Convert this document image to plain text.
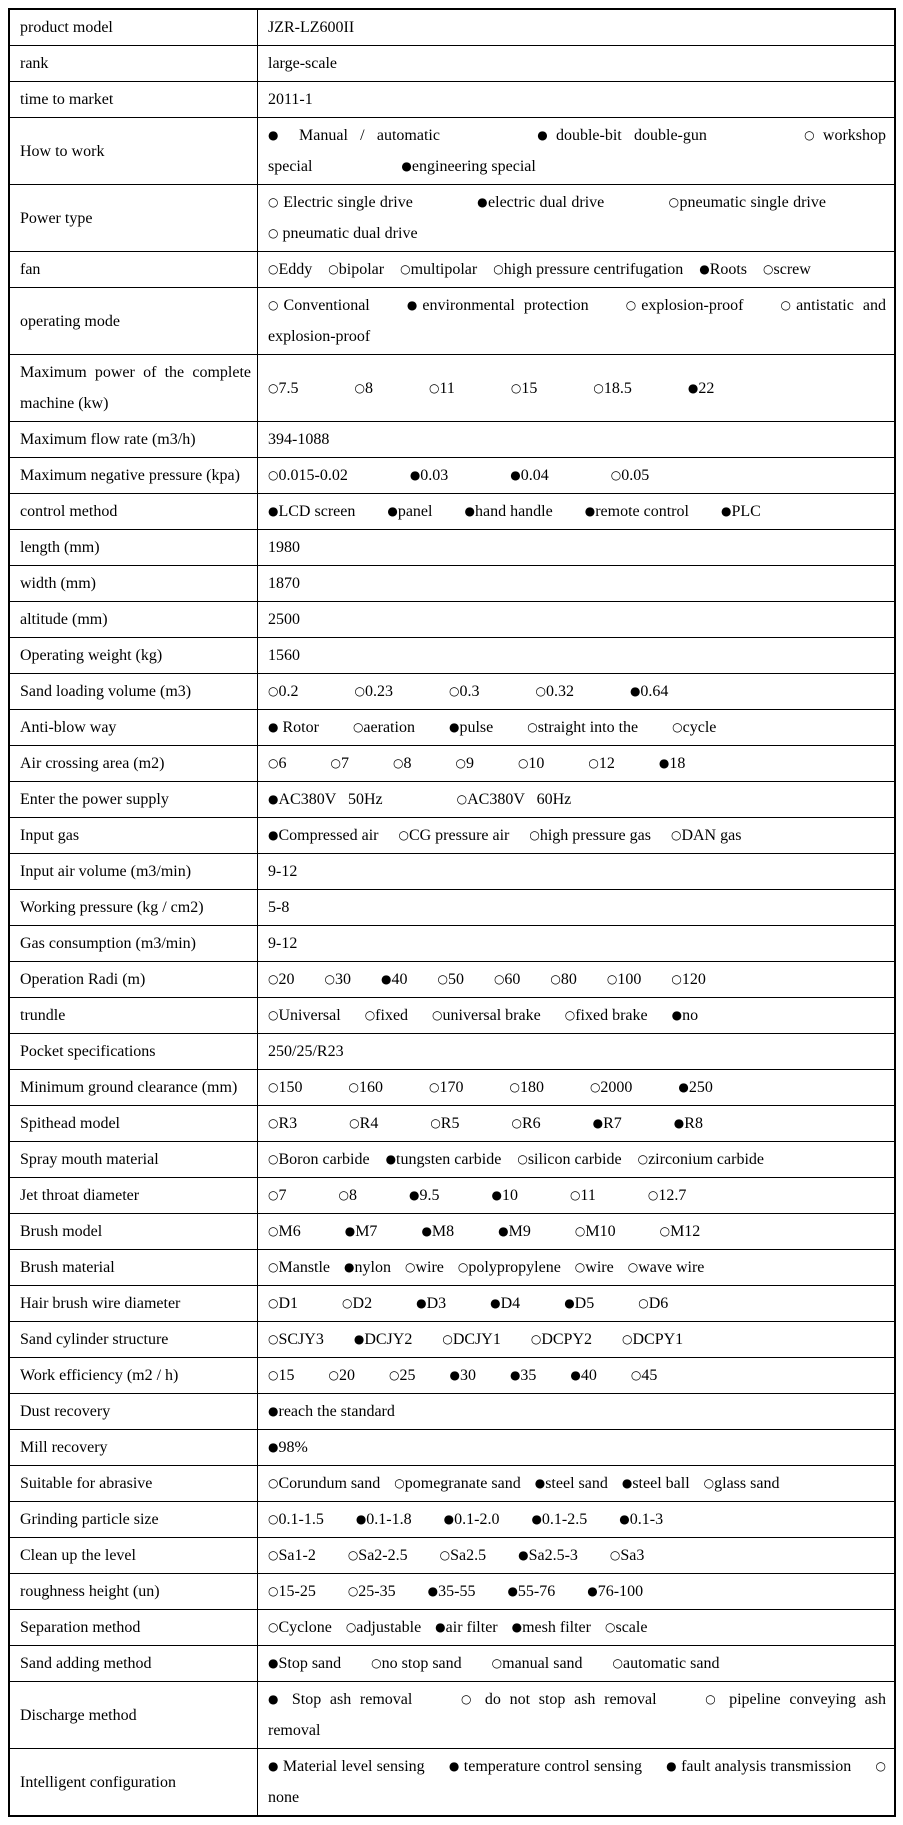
product model	JZR-LZ600II
rank	large-scale
time to market	2011-1
How to work	● Manual / automatic ●double-bit double-gun ○workshop special ●engineering special
Power type	○ Electric single drive ●electric dual drive ○pneumatic single drive ○ pneumatic dual drive
fan	○Eddy ○bipolar ○multipolar ○high pressure centrifugation ●Roots ○screw
operating mode	○Conventional ●environmental protection ○explosion-proof ○antistatic and explosion-proof
Maximum power of the complete machine (kw)	○7.5 ○8 ○11 ○15 ○18.5 ●22
Maximum flow rate (m3/h)	394-1088
Maximum negative pressure (kpa)	○0.015-0.02 ●0.03 ●0.04 ○0.05
control method	●LCD screen ●panel ●hand handle ●remote control ●PLC
length (mm)	1980
width (mm)	1870
altitude (mm)	2500
Operating weight (kg)	1560
Sand loading volume (m3)	○0.2 ○0.23 ○0.3 ○0.32 ●0.64
Anti-blow way	● Rotor ○aeration ●pulse ○straight into the ○cycle
Air crossing area (m2)	○6 ○7 ○8 ○9 ○10 ○12 ●18
Enter the power supply	●AC380V   50Hz ○AC380V   60Hz
Input gas	●Compressed air ○CG pressure air ○high pressure gas ○DAN gas
Input air volume (m3/min)	9-12
Working pressure (kg / cm2)	5-8
Gas consumption (m3/min)	9-12
Operation Radi (m)	○20 ○30 ●40 ○50 ○60 ○80 ○100 ○120
trundle	○Universal ○fixed ○universal brake ○fixed brake ●no
Pocket specifications	250/25/R23
Minimum ground clearance (mm)	○150 ○160 ○170 ○180 ○2000 ●250
Spithead model	○R3 ○R4 ○R5 ○R6 ●R7 ●R8
Spray mouth material	○Boron carbide ●tungsten carbide ○silicon carbide ○zirconium carbide
Jet throat diameter	○7 ○8 ●9.5 ●10 ○11 ○12.7
Brush model	○M6 ●M7 ●M8 ●M9 ○M10 ○M12
Brush material	○Manstle ●nylon ○wire ○polypropylene ○wire ○wave wire
Hair brush wire diameter	○D1 ○D2 ●D3 ●D4 ●D5 ○D6
Sand cylinder structure	○SCJY3 ●DCJY2 ○DCJY1 ○DCPY2 ○DCPY1
Work efficiency (m2 / h)	○15 ○20 ○25 ●30 ●35 ●40 ○45
Dust recovery	●reach the standard
Mill recovery	●98%
Suitable for abrasive	○Corundum sand ○pomegranate sand ●steel sand ●steel ball ○glass sand
Grinding particle size	○0.1-1.5 ●0.1-1.8 ●0.1-2.0 ●0.1-2.5 ●0.1-3
Clean up the level	○Sa1-2 ○Sa2-2.5 ○Sa2.5 ●Sa2.5-3 ○Sa3
roughness height (un)	○15-25 ○25-35 ●35-55 ●55-76 ●76-100
Separation method	○Cyclone ○adjustable ●air filter ●mesh filter ○scale
Sand adding method	●Stop sand ○no stop sand ○manual sand ○automatic sand
Discharge method	● Stop ash removal ○ do not stop ash removal ○ pipeline conveying ash removal
Intelligent configuration	● Material level sensing ● temperature control sensing ● fault analysis transmission ○ none
